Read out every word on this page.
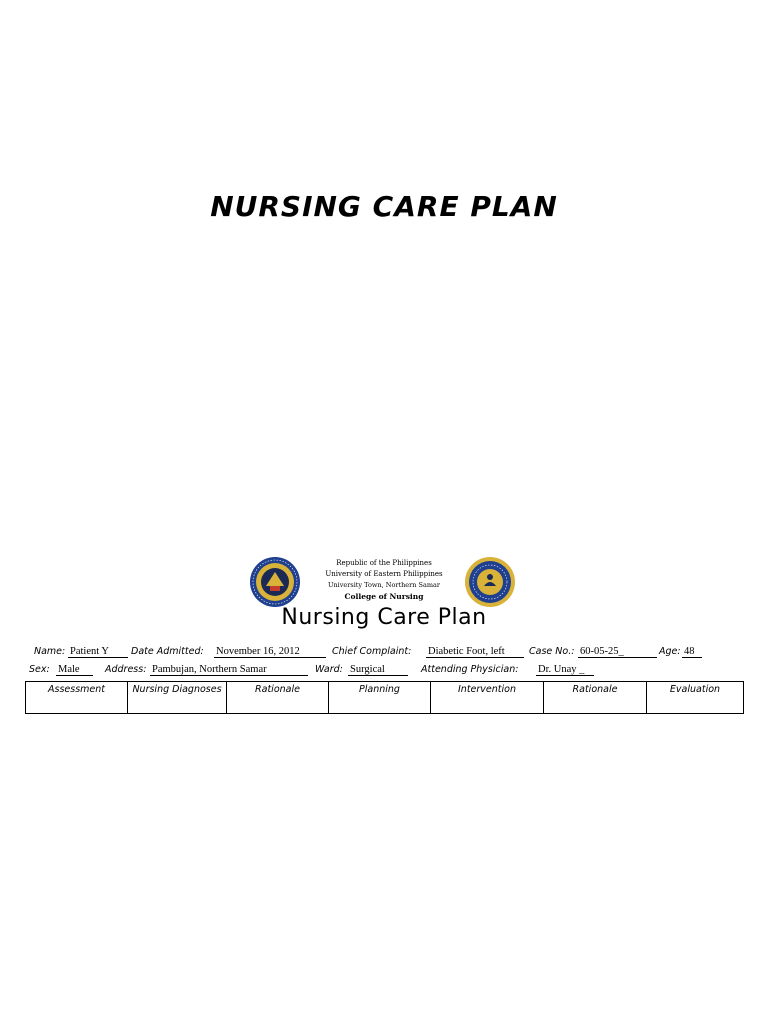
NURSING CARE PLAN
Republic of the Philippines
University of Eastern Philippines
University Town, Northern Samar
College of Nursing
Nursing Care Plan
Name: Patient Y	Date Admitted: November 16, 2012	Chief Complaint: Diabetic Foot, left	Case No.: 60-05-25_	Age: 48
Sex: Male	Address: Pambujan, Northern Samar	Ward: Surgical	Attending Physician: Dr. Unay _
Assessment	Nursing Diagnoses	Rationale	Planning	Intervention	Rationale	Evaluation
